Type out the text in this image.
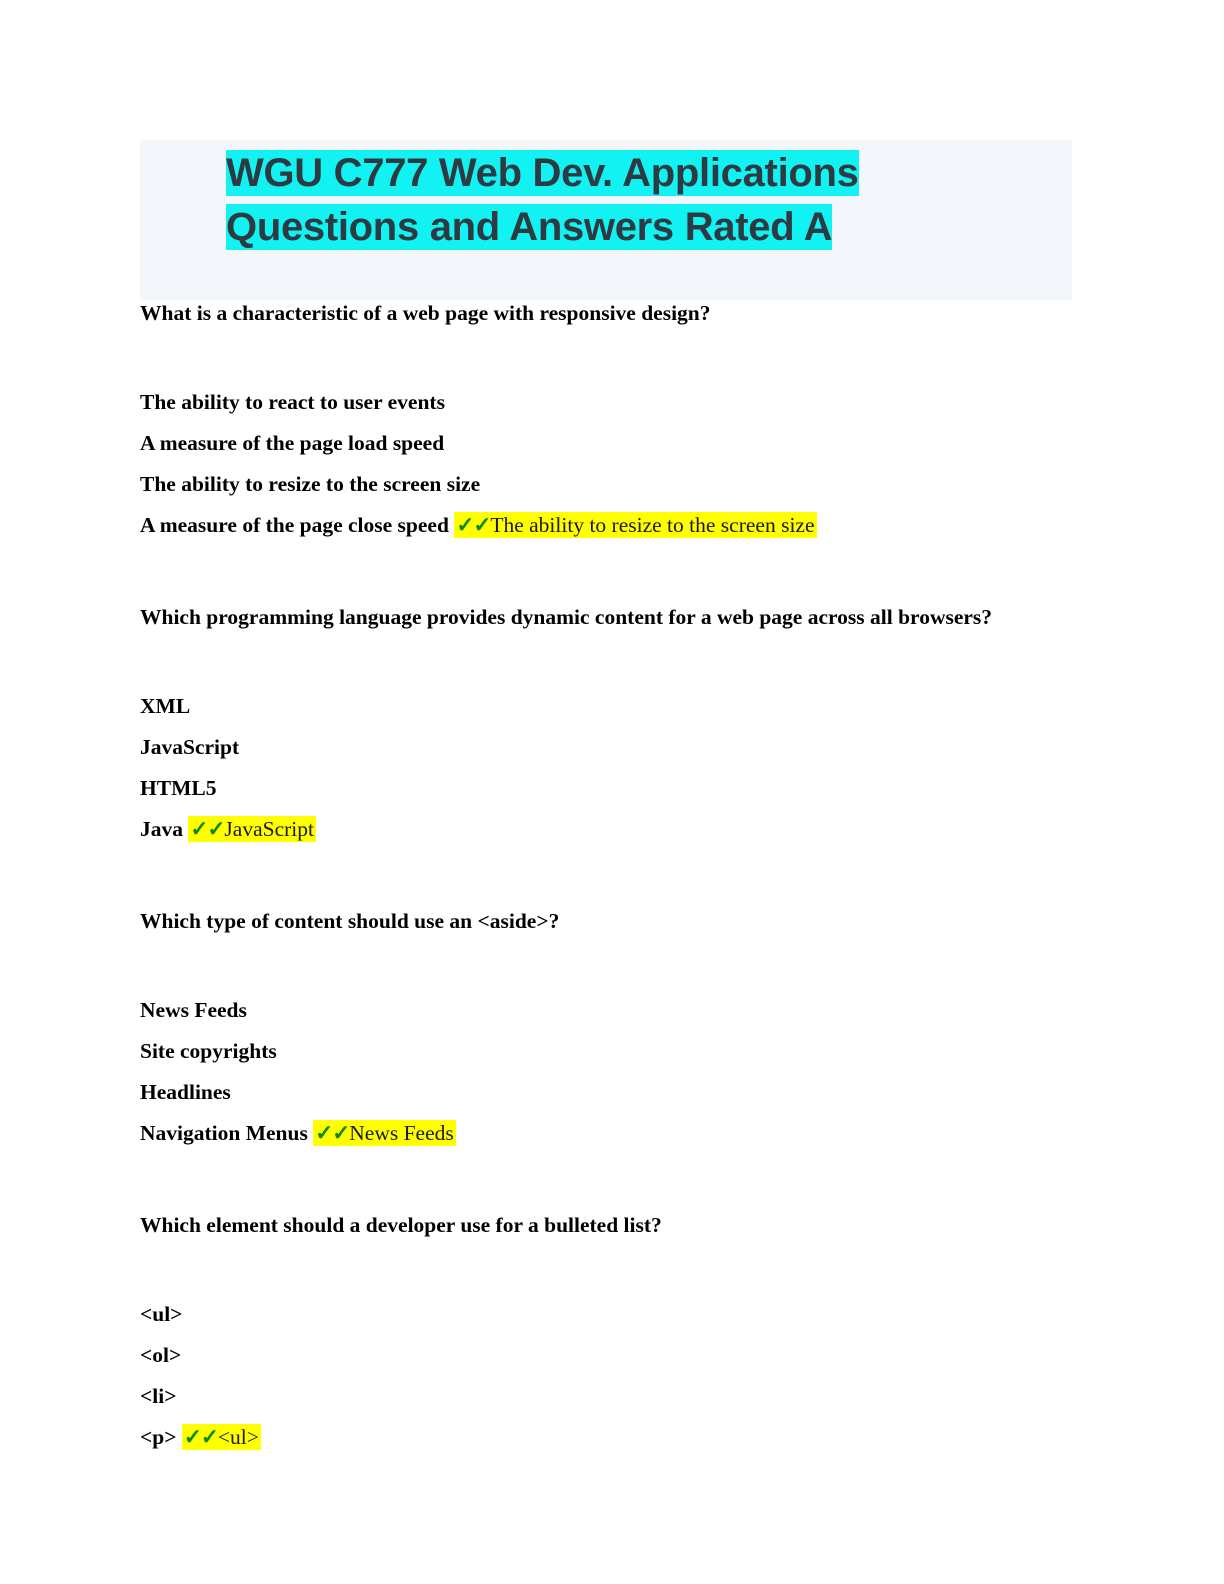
WGU C777 Web Dev. Applications
Questions and Answers Rated A

What is a characteristic of a web page with responsive design?

The ability to react to user events

A measure of the page load speed

The ability to resize to the screen size

A measure of the page close speed ✓✓The ability to resize to the screen size

Which programming language provides dynamic content for a web page across all browsers?

XML

JavaScript

HTML5

Java ✓✓JavaScript

Which type of content should use an <aside>?

News Feeds

Site copyrights

Headlines

Navigation Menus ✓✓News Feeds

Which element should a developer use for a bulleted list?

<ul>

<ol>

<li>

<p> ✓✓<ul>
